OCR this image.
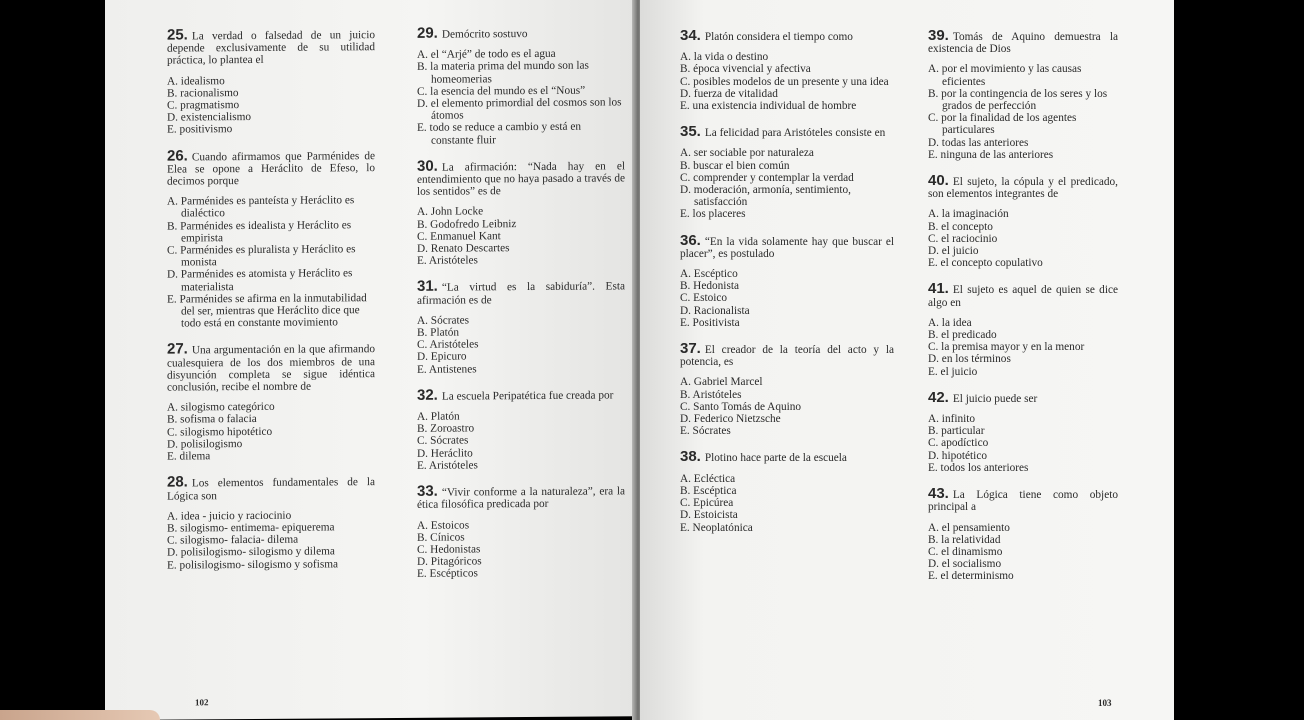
25. La verdad o falsedad de un juicio depende exclusivamente de su utilidad práctica, lo plantea el
A. idealismo
B. racionalismo
C. pragmatismo
D. existencialismo
E. positivismo
26. Cuando afirmamos que Parménides de Elea se opone a Heráclito de Efeso, lo decimos porque
A. Parménides es panteísta y Heráclito es dialéctico
B. Parménides es idealista y Heráclito es empirista
C. Parménides es pluralista y Heráclito es monista
D. Parménides es atomista y Heráclito es materialista
E. Parménides se afirma en la inmutabilidad del ser, mientras que Heráclito dice que todo está en constante movimiento
27. Una argumentación en la que afirmando cualesquiera de los dos miembros de una disyunción completa se sigue idéntica conclusión, recibe el nombre de
A. silogismo categórico
B. sofisma o falacia
C. silogismo hipotético
D. polisilogismo
E. dilema
28. Los elementos fundamentales de la Lógica son
A. idea - juicio y raciocinio
B. silogismo- entimema- epiquerema
C. silogismo- falacia- dilema
D. polisilogismo- silogismo y dilema
E. polisilogismo- silogismo y sofisma
29. Demócrito sostuvo
A. el “Arjé” de todo es el agua
B. la materia prima del mundo son las homeomerias
C. la esencia del mundo es el “Nous”
D. el elemento primordial del cosmos son los átomos
E. todo se reduce a cambio y está en constante fluir
30. La afirmación: “Nada hay en el entendimiento que no haya pasado a través de los sentidos” es de
A. John Locke
B. Godofredo Leibniz
C. Enmanuel Kant
D. Renato Descartes
E. Aristóteles
31. “La virtud es la sabiduría”. Esta afirmación es de
A. Sócrates
B. Platón
C. Aristóteles
D. Epicuro
E. Antistenes
32. La escuela Peripatética fue creada por
A. Platón
B. Zoroastro
C. Sócrates
D. Heráclito
E. Aristóteles
33. “Vivir conforme a la naturaleza”, era la ética filosófica predicada por
A. Estoicos
B. Cínicos
C. Hedonistas
D. Pitagóricos
E. Escépticos
102
34. Platón considera el tiempo como
A. la vida o destino
B. época vivencial y afectiva
C. posibles modelos de un presente y una idea
D. fuerza de vitalidad
E. una existencia individual de hombre
35. La felicidad para Aristóteles consiste en
A. ser sociable por naturaleza
B. buscar el bien común
C. comprender y contemplar la verdad
D. moderación, armonía, sentimiento, satisfacción
E. los placeres
36. “En la vida solamente hay que buscar el placer”, es postulado
A. Escéptico
B. Hedonista
C. Estoico
D. Racionalista
E. Positivista
37. El creador de la teoría del acto y la potencia, es
A. Gabriel Marcel
B. Aristóteles
C. Santo Tomás de Aquino
D. Federico Nietzsche
E. Sócrates
38. Plotino hace parte de la escuela
A. Ecléctica
B. Escéptica
C. Epicúrea
D. Estoicista
E. Neoplatónica
39. Tomás de Aquino demuestra la existencia de Dios
A. por el movimiento y las causas eficientes
B. por la contingencia de los seres y los grados de perfección
C. por la finalidad de los agentes particulares
D. todas las anteriores
E. ninguna de las anteriores
40. El sujeto, la cópula y el predicado, son elementos integrantes de
A. la imaginación
B. el concepto
C. el raciocinio
D. el juicio
E. el concepto copulativo
41. El sujeto es aquel de quien se dice algo en
A. la idea
B. el predicado
C. la premisa mayor y en la menor
D. en los términos
E. el juicio
42. El juicio puede ser
A. infinito
B. particular
C. apodíctico
D. hipotético
E. todos los anteriores
43. La Lógica tiene como objeto principal a
A. el pensamiento
B. la relatividad
C. el dinamismo
D. el socialismo
E. el determinismo
103
